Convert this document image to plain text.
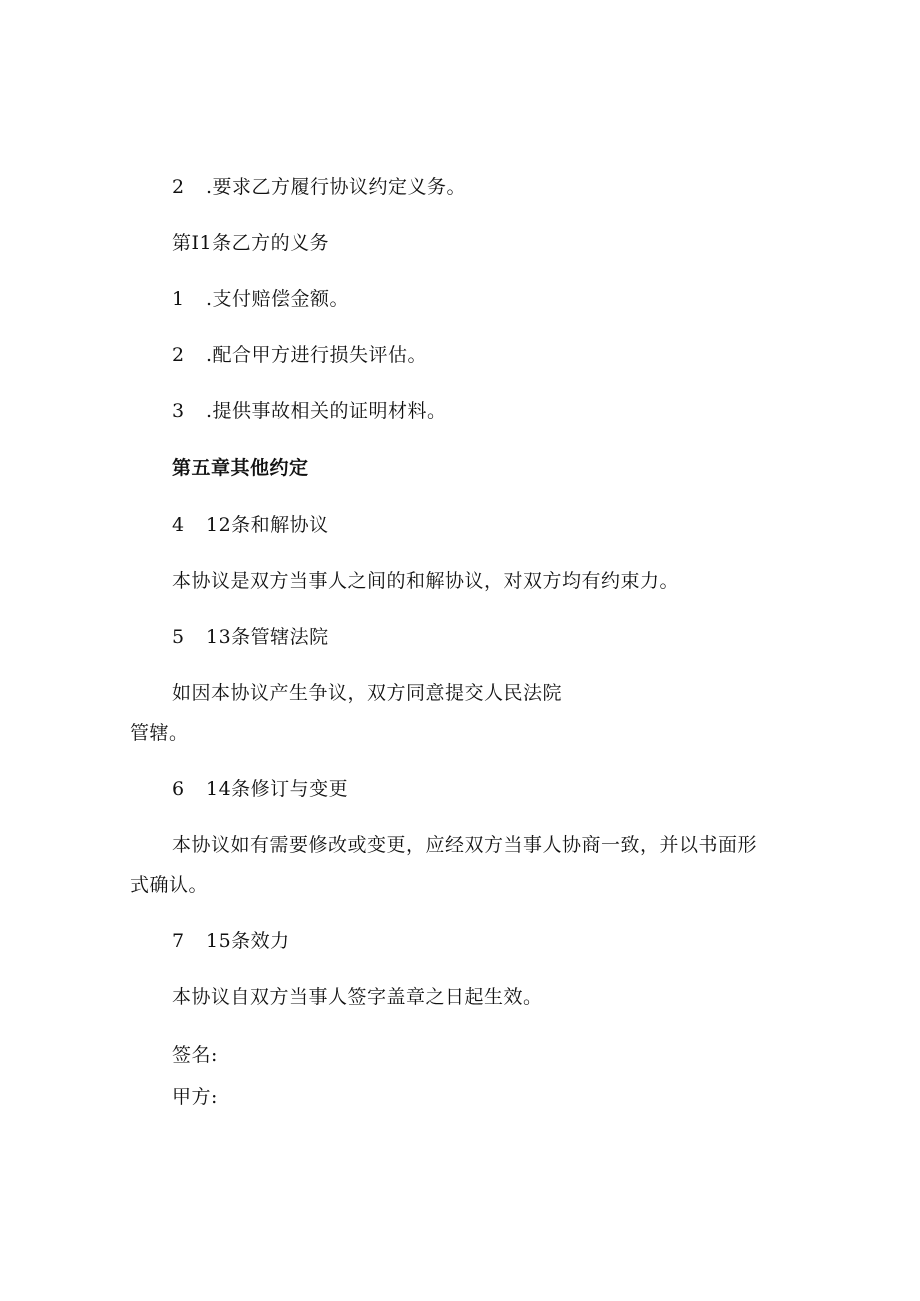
2 .要求乙方履行协议约定义务。
第I1条乙方的义务
1 .支付赔偿金额。
2 .配合甲方进行损失评估。
3 .提供事故相关的证明材料。
第五章其他约定
4 12条和解协议
本协议是双方当事人之间的和解协议，对双方均有约束力。
5 13条管辖法院
如因本协议产生争议，双方同意提交人民法院
管辖。
6 14条修订与变更
本协议如有需要修改或变更，应经双方当事人协商一致，并以书面形
式确认。
7 15条效力
本协议自双方当事人签字盖章之日起生效。
签名:
甲方:
